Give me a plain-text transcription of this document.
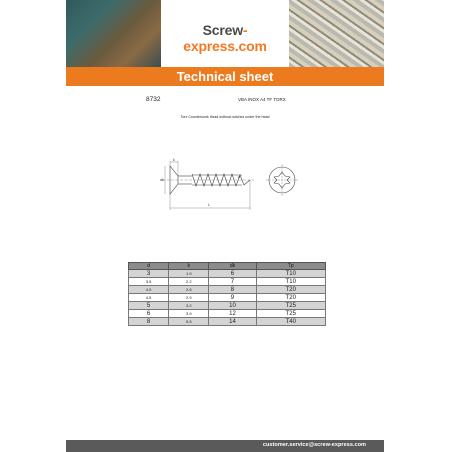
Screw-express.com
Technical sheet
8732	VBA INOX A4 TF TORX
Torx Countersunk Head without notches under the head
dk
k
d
L
d	k	dk	Tp
3	1.9	6	T10
3.5	2.2	7	T10
4.0	2.6	8	T20
4.5	2.9	9	T20
5	3.2	10	T25
6	3.9	12	T25
8	5.5	14	T40
customer.service@screw-express.com
